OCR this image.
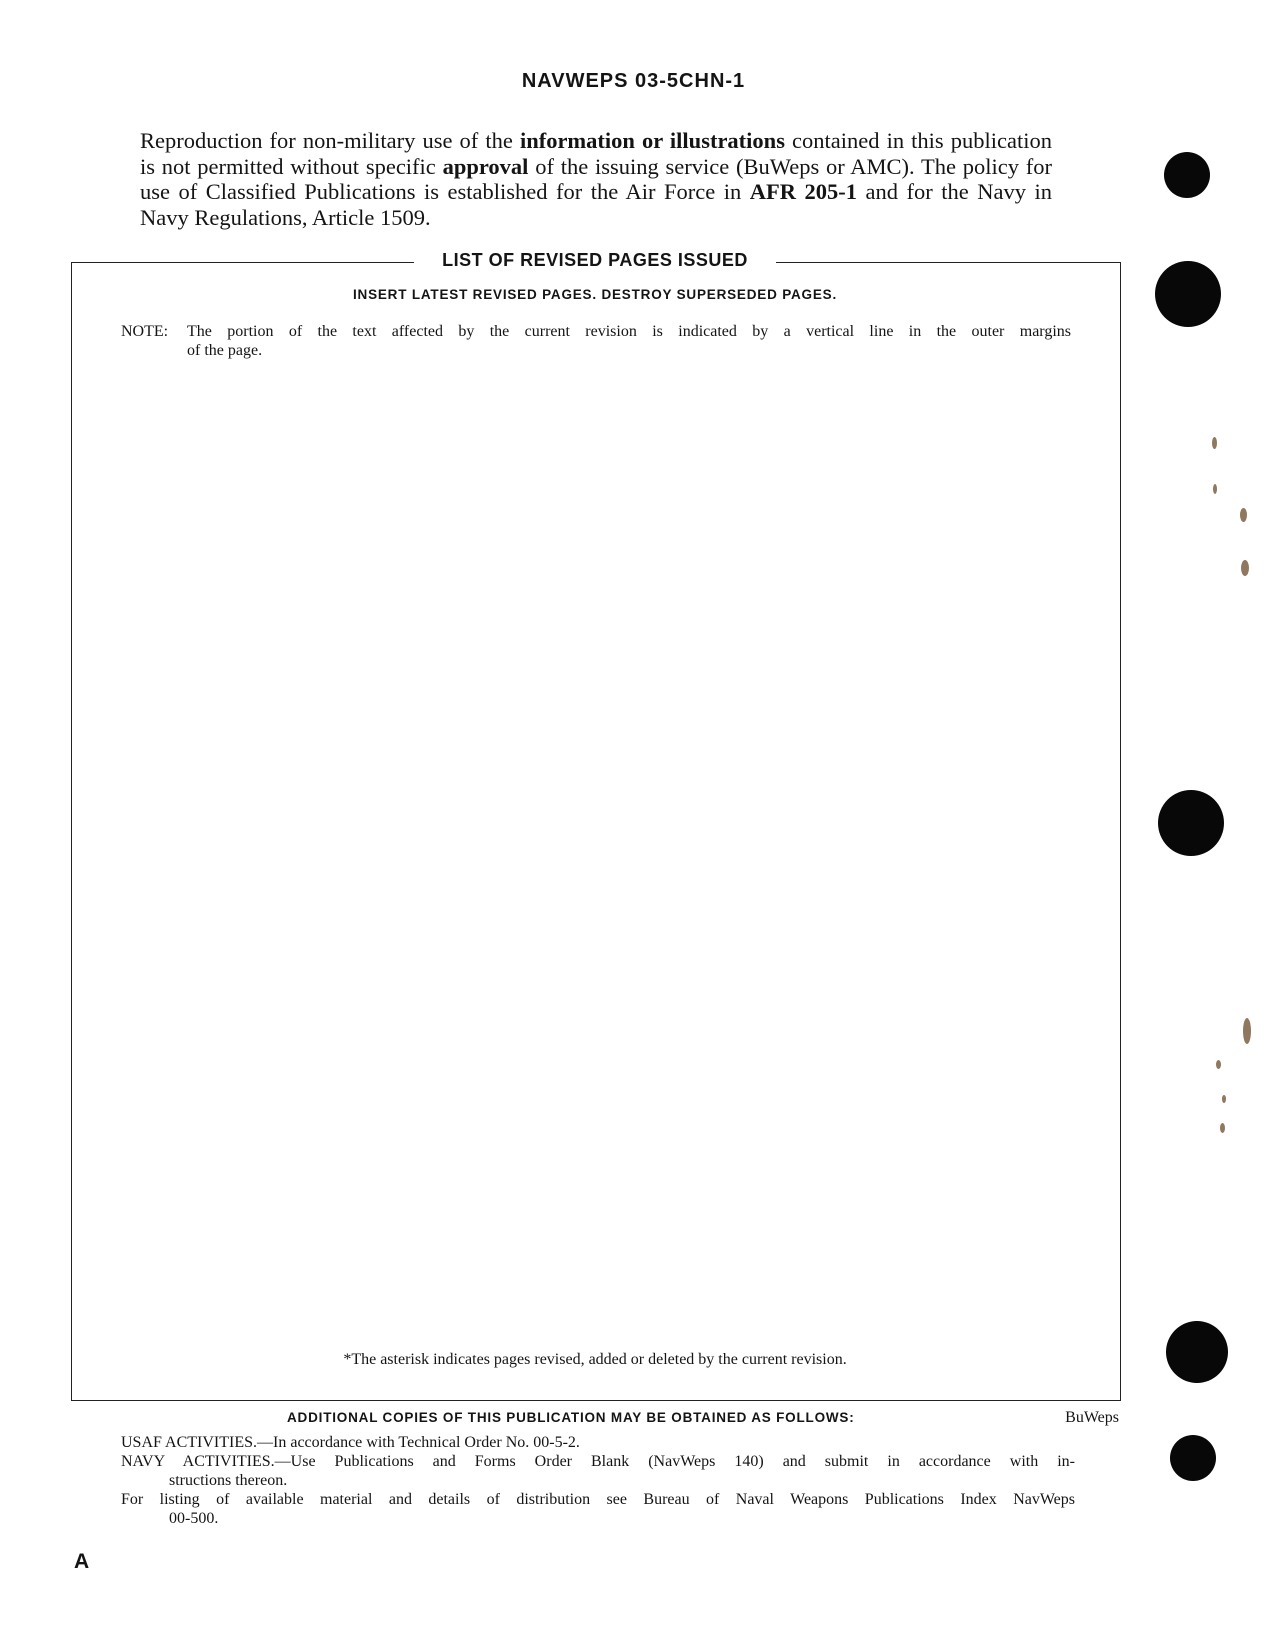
NAVWEPS 03-5CHN-1
Reproduction for non-military use of the information or illustrations contained in this publication is not permitted without specific approval of the issuing service (BuWeps or AMC). The policy for use of Classified Publications is established for the Air Force in AFR 205-1 and for the Navy in Navy Regulations, Article 1509.
LIST OF REVISED PAGES ISSUED
INSERT LATEST REVISED PAGES. DESTROY SUPERSEDED PAGES.
NOTE: The portion of the text affected by the current revision is indicated by a vertical line in the outer margins
of the page.
*The asterisk indicates pages revised, added or deleted by the current revision.
ADDITIONAL COPIES OF THIS PUBLICATION MAY BE OBTAINED AS FOLLOWS:	BuWeps
USAF ACTIVITIES.—In accordance with Technical Order No. 00-5-2.
NAVY ACTIVITIES.—Use Publications and Forms Order Blank (NavWeps 140) and submit in accordance with in-
structions thereon.
For listing of available material and details of distribution see Bureau of Naval Weapons Publications Index NavWeps
00-500.
A
